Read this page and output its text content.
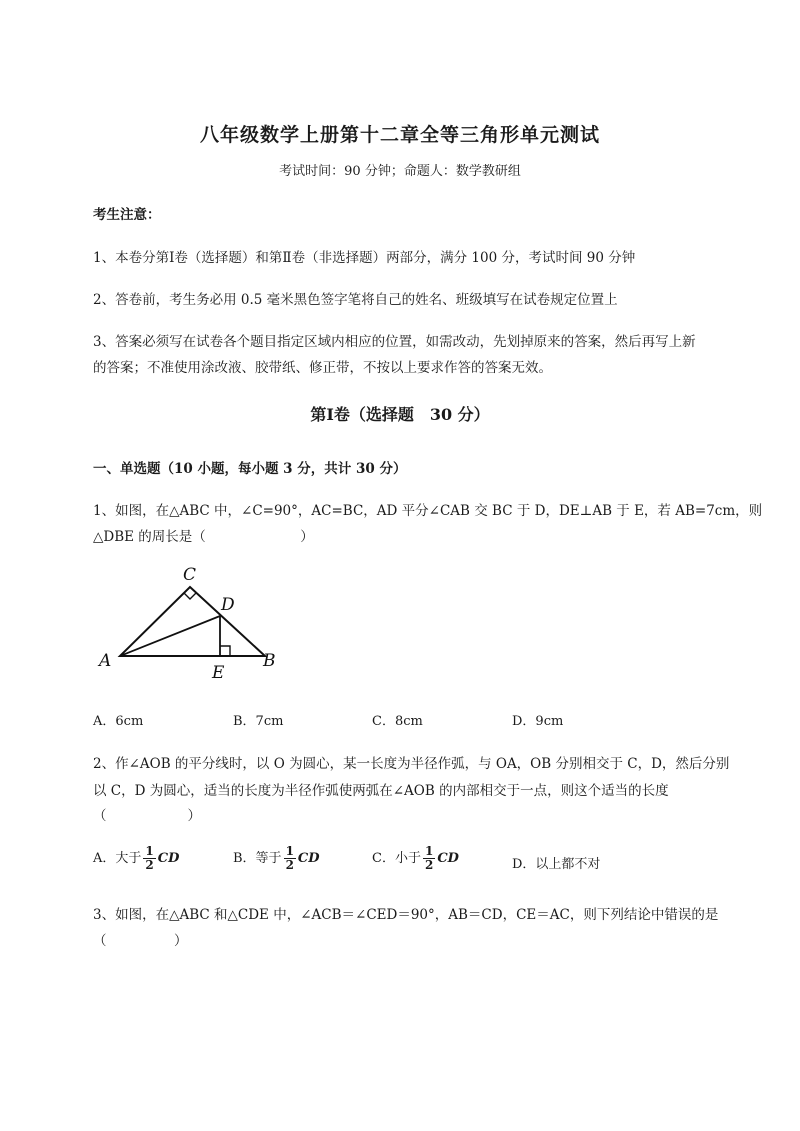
八年级数学上册第十二章全等三角形单元测试
考试时间：90 分钟；命题人：数学教研组
考生注意：
1、本卷分第Ⅰ卷（选择题）和第Ⅱ卷（非选择题）两部分，满分 100 分，考试时间 90 分钟
2、答卷前，考生务必用 0.5 毫米黑色签字笔将自己的姓名、班级填写在试卷规定位置上
3、答案必须写在试卷各个题目指定区域内相应的位置，如需改动，先划掉原来的答案，然后再写上新
的答案；不准使用涂改液、胶带纸、修正带，不按以上要求作答的答案无效。
第Ⅰ卷（选择题　30 分）
一、单选题（10 小题，每小题 3 分，共计 30 分）
1、如图，在△ABC 中，∠C=90°，AC=BC，AD 平分∠CAB 交 BC 于 D，DE⊥AB 于 E，若 AB=7cm，则
△DBE 的周长是（　　　　　　　）
A	B
C
D
E
A．6cm	B．7cm	C．8cm	D．9cm
2、作∠AOB 的平分线时，以 O 为圆心，某一长度为半径作弧，与 OA，OB 分别相交于 C，D，然后分别
以 C，D 为圆心，适当的长度为半径作弧使两弧在∠AOB 的内部相交于一点，则这个适当的长度
（　　　　　　）
A．大于 $\frac{1}{2}$ CD	B．等于 $\frac{1}{2}$ CD	C．小于 $\frac{1}{2}$ CD	D．以上都不对
3、如图，在△ABC 和△CDE 中，∠ACB＝∠CED＝90°，AB＝CD，CE＝AC，则下列结论中错误的是
（　　　　　）
